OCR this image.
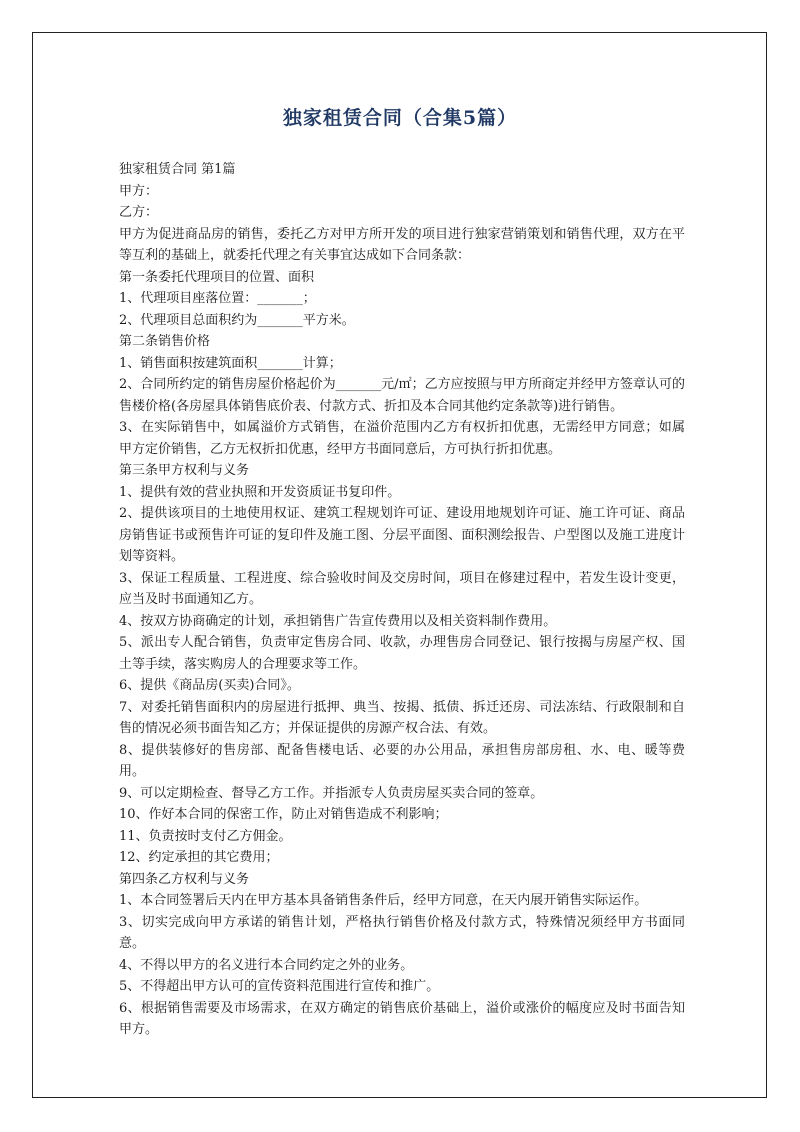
独家租赁合同（合集5篇）

独家租赁合同 第1篇

甲方：

乙方：

甲方为促进商品房的销售，委托乙方对甲方所开发的项目进行独家营销策划和销售代理，双方在平等互利的基础上，就委托代理之有关事宜达成如下合同条款：

第一条委托代理项目的位置、面积

1、代理项目座落位置：_______；

2、代理项目总面积约为_______平方米。

第二条销售价格

1、销售面积按建筑面积_______计算；

2、合同所约定的销售房屋价格起价为_______元/㎡；乙方应按照与甲方所商定并经甲方签章认可的售楼价格(各房屋具体销售底价表、付款方式、折扣及本合同其他约定条款等)进行销售。

3、在实际销售中，如属溢价方式销售，在溢价范围内乙方有权折扣优惠，无需经甲方同意；如属甲方定价销售，乙方无权折扣优惠，经甲方书面同意后，方可执行折扣优惠。

第三条甲方权利与义务

1、提供有效的营业执照和开发资质证书复印件。

2、提供该项目的土地使用权证、建筑工程规划许可证、建设用地规划许可证、施工许可证、商品房销售证书或预售许可证的复印件及施工图、分层平面图、面积测绘报告、户型图以及施工进度计划等资料。

3、保证工程质量、工程进度、综合验收时间及交房时间，项目在修建过程中，若发生设计变更，应当及时书面通知乙方。

4、按双方协商确定的计划，承担销售广告宣传费用以及相关资料制作费用。

5、派出专人配合销售，负责审定售房合同、收款，办理售房合同登记、银行按揭与房屋产权、国土等手续，落实购房人的合理要求等工作。

6、提供《商品房(买卖)合同》。

7、对委托销售面积内的房屋进行抵押、典当、按揭、抵债、拆迁还房、司法冻结、行政限制和自售的情况必须书面告知乙方；并保证提供的房源产权合法、有效。

8、提供装修好的售房部、配备售楼电话、必要的办公用品，承担售房部房租、水、电、暖等费用。

9、可以定期检查、督导乙方工作。并指派专人负责房屋买卖合同的签章。

10、作好本合同的保密工作，防止对销售造成不利影响；

11、负责按时支付乙方佣金。

12、约定承担的其它费用；

第四条乙方权利与义务

1、本合同签署后天内在甲方基本具备销售条件后，经甲方同意，在天内展开销售实际运作。

3、切实完成向甲方承诺的销售计划，严格执行销售价格及付款方式，特殊情况须经甲方书面同意。

4、不得以甲方的名义进行本合同约定之外的业务。

5、不得超出甲方认可的宣传资料范围进行宣传和推广。

6、根据销售需要及市场需求，在双方确定的销售底价基础上，溢价或涨价的幅度应及时书面告知甲方。
